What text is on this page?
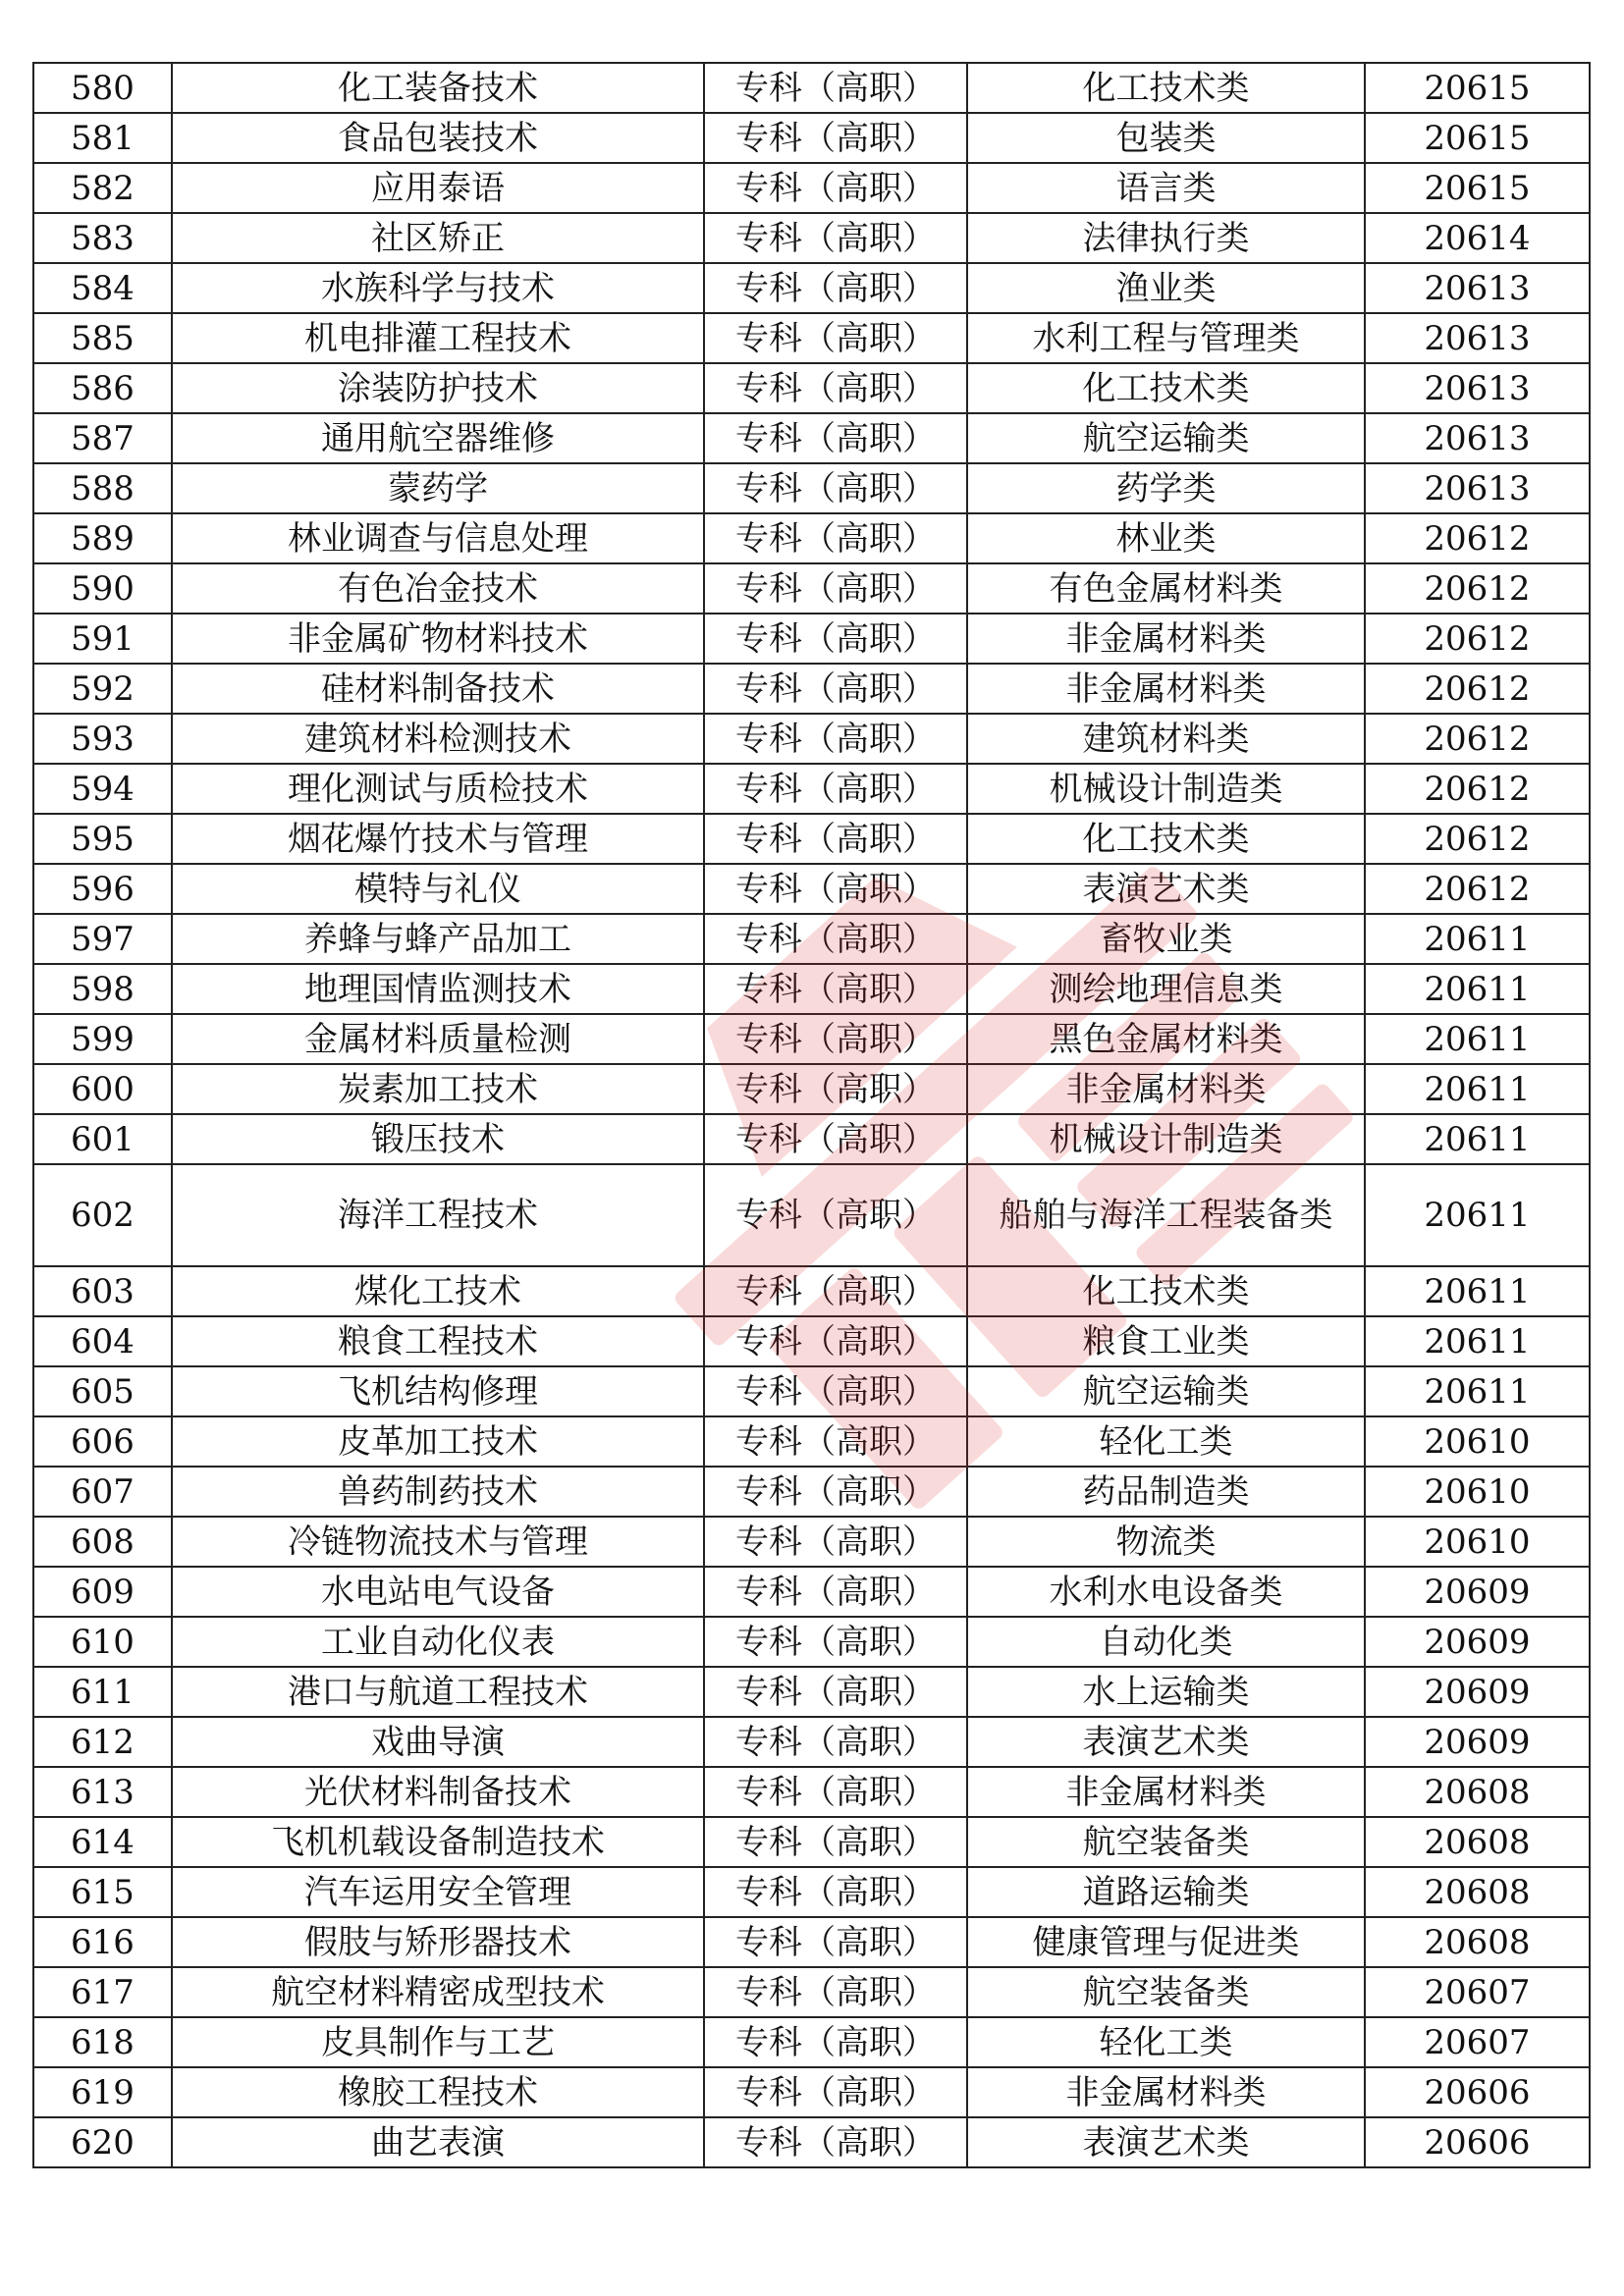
580	化工装备技术	专科（高职）	化工技术类	20615
581	食品包装技术	专科（高职）	包装类	20615
582	应用泰语	专科（高职）	语言类	20615
583	社区矫正	专科（高职）	法律执行类	20614
584	水族科学与技术	专科（高职）	渔业类	20613
585	机电排灌工程技术	专科（高职）	水利工程与管理类	20613
586	涂装防护技术	专科（高职）	化工技术类	20613
587	通用航空器维修	专科（高职）	航空运输类	20613
588	蒙药学	专科（高职）	药学类	20613
589	林业调查与信息处理	专科（高职）	林业类	20612
590	有色冶金技术	专科（高职）	有色金属材料类	20612
591	非金属矿物材料技术	专科（高职）	非金属材料类	20612
592	硅材料制备技术	专科（高职）	非金属材料类	20612
593	建筑材料检测技术	专科（高职）	建筑材料类	20612
594	理化测试与质检技术	专科（高职）	机械设计制造类	20612
595	烟花爆竹技术与管理	专科（高职）	化工技术类	20612
596	模特与礼仪	专科（高职）	表演艺术类	20612
597	养蜂与蜂产品加工	专科（高职）	畜牧业类	20611
598	地理国情监测技术	专科（高职）	测绘地理信息类	20611
599	金属材料质量检测	专科（高职）	黑色金属材料类	20611
600	炭素加工技术	专科（高职）	非金属材料类	20611
601	锻压技术	专科（高职）	机械设计制造类	20611
602	海洋工程技术	专科（高职）	船舶与海洋工程装备类	20611
603	煤化工技术	专科（高职）	化工技术类	20611
604	粮食工程技术	专科（高职）	粮食工业类	20611
605	飞机结构修理	专科（高职）	航空运输类	20611
606	皮革加工技术	专科（高职）	轻化工类	20610
607	兽药制药技术	专科（高职）	药品制造类	20610
608	冷链物流技术与管理	专科（高职）	物流类	20610
609	水电站电气设备	专科（高职）	水利水电设备类	20609
610	工业自动化仪表	专科（高职）	自动化类	20609
611	港口与航道工程技术	专科（高职）	水上运输类	20609
612	戏曲导演	专科（高职）	表演艺术类	20609
613	光伏材料制备技术	专科（高职）	非金属材料类	20608
614	飞机机载设备制造技术	专科（高职）	航空装备类	20608
615	汽车运用安全管理	专科（高职）	道路运输类	20608
616	假肢与矫形器技术	专科（高职）	健康管理与促进类	20608
617	航空材料精密成型技术	专科（高职）	航空装备类	20607
618	皮具制作与工艺	专科（高职）	轻化工类	20607
619	橡胶工程技术	专科（高职）	非金属材料类	20606
620	曲艺表演	专科（高职）	表演艺术类	20606
